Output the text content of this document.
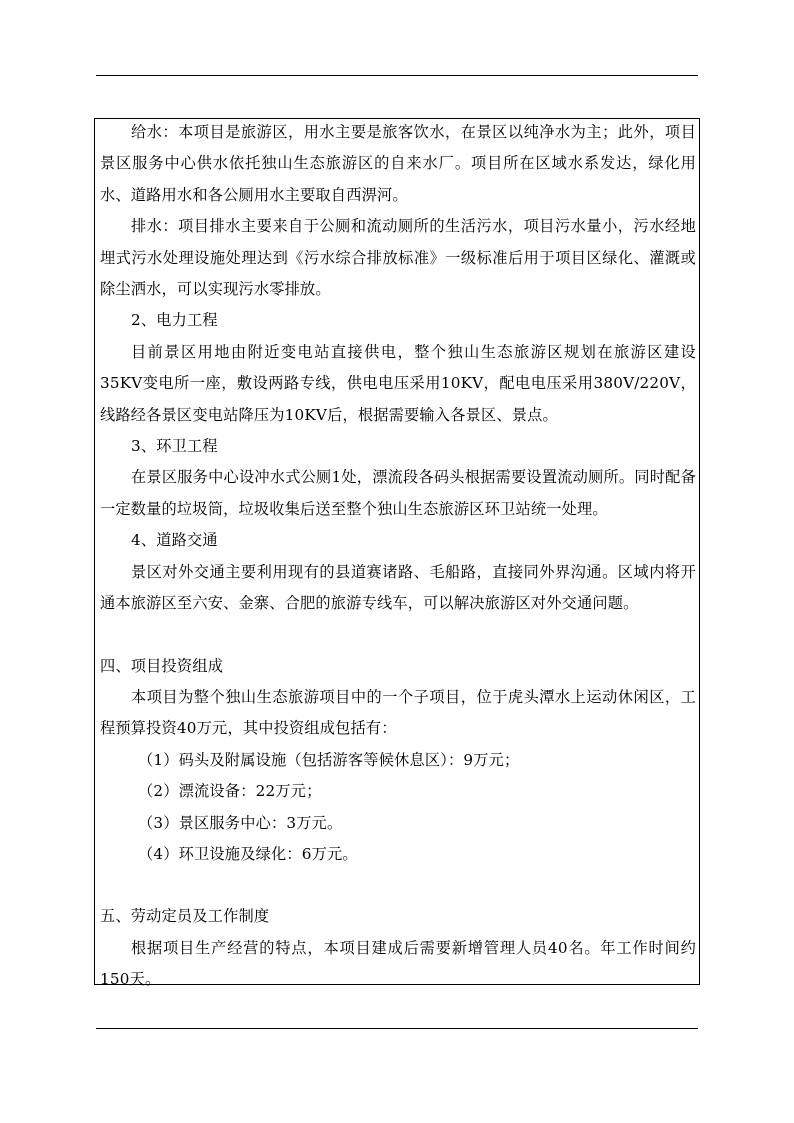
给水：本项目是旅游区，用水主要是旅客饮水，在景区以纯净水为主；此外，项目景区服务中心供水依托独山生态旅游区的自来水厂。项目所在区域水系发达，绿化用水、道路用水和各公厕用水主要取自西淠河。

排水：项目排水主要来自于公厕和流动厕所的生活污水，项目污水量小，污水经地埋式污水处理设施处理达到《污水综合排放标准》一级标准后用于项目区绿化、灌溉或除尘洒水，可以实现污水零排放。

2、电力工程

目前景区用地由附近变电站直接供电，整个独山生态旅游区规划在旅游区建设35KV变电所一座，敷设两路专线，供电电压采用10KV，配电电压采用380V/220V，线路经各景区变电站降压为10KV后，根据需要输入各景区、景点。

3、环卫工程

在景区服务中心设冲水式公厕1处，漂流段各码头根据需要设置流动厕所。同时配备一定数量的垃圾筒，垃圾收集后送至整个独山生态旅游区环卫站统一处理。

4、道路交通

景区对外交通主要利用现有的县道赛诸路、毛船路，直接同外界沟通。区域内将开通本旅游区至六安、金寨、合肥的旅游专线车，可以解决旅游区对外交通问题。

四、项目投资组成

本项目为整个独山生态旅游项目中的一个子项目，位于虎头潭水上运动休闲区，工程预算投资40万元，其中投资组成包括有：

（1）码头及附属设施（包括游客等候休息区）：9万元；

（2）漂流设备：22万元；

（3）景区服务中心：3万元。

（4）环卫设施及绿化：6万元。

五、劳动定员及工作制度

根据项目生产经营的特点，本项目建成后需要新增管理人员40名。年工作时间约150天。
